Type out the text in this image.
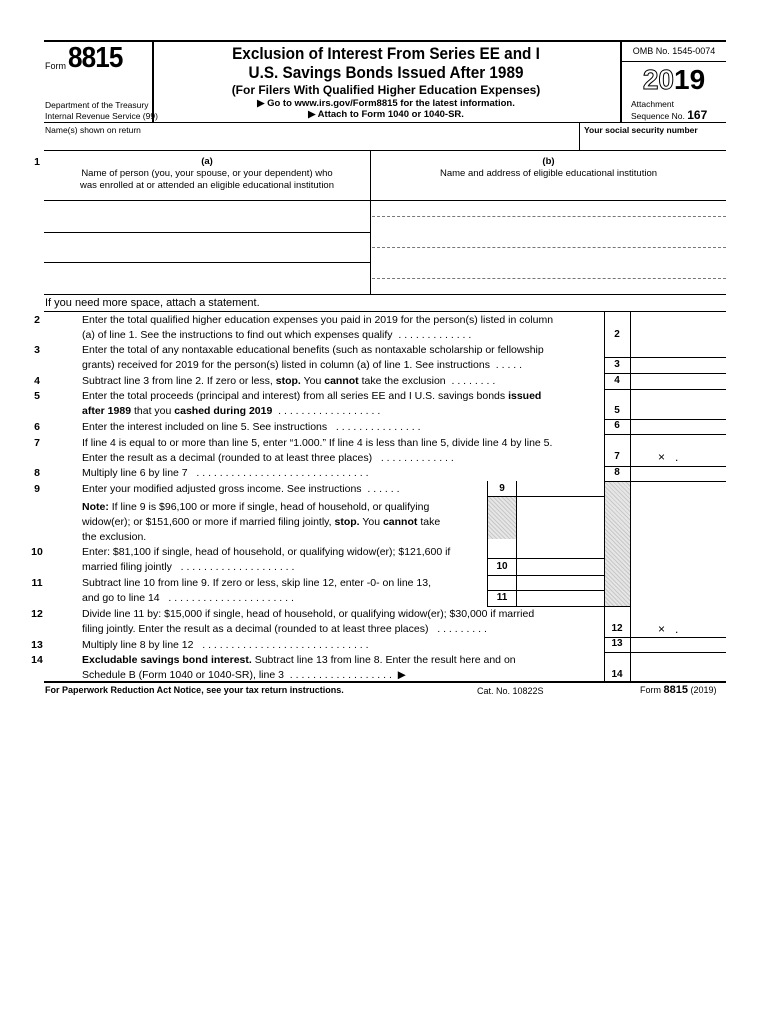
Form 8815
Department of the Treasury
Internal Revenue Service (99)
Exclusion of Interest From Series EE and I
U.S. Savings Bonds Issued After 1989
(For Filers With Qualified Higher Education Expenses)
▶ Go to www.irs.gov/Form8815 for the latest information.
▶ Attach to Form 1040 or 1040-SR.
OMB No. 1545-0074
2019
Attachment
Sequence No. 167
Name(s) shown on return	Your social security number
1	(a)
Name of person (you, your spouse, or your dependent) who
was enrolled at or attended an eligible educational institution
(b)
Name and address of eligible educational institution
If you need more space, attach a statement.
2	Enter the total qualified higher education expenses you paid in 2019 for the person(s) listed in column

(a) of line 1. See the instructions to find out which expenses qualify . . . . . . . . . . . . .	2
3	Enter the total of any nontaxable educational benefits (such as nontaxable scholarship or fellowship

grants) received for 2019 for the person(s) listed in column (a) of line 1. See instructions . . . . .	3
4	Subtract line 3 from line 2. If zero or less, stop. You cannot take the exclusion . . . . . . . .	4
5	Enter the total proceeds (principal and interest) from all series EE and I U.S. savings bonds issued

after 1989 that you cashed during 2019 . . . . . . . . . . . . . . . . . .	5
6	Enter the interest included on line 5. See instructions . . . . . . . . . . . . . . .	6
7	If line 4 is equal to or more than line 5, enter “1.000.” If line 4 is less than line 5, divide line 4 by line 5.

Enter the result as a decimal (rounded to at least three places) . . . . . . . . . . . . .	7	×   .
8	Multiply line 6 by line 7 . . . . . . . . . . . . . . . . . . . . . . . . . . . . . .	8
9	Enter your modified adjusted gross income. See instructions . . . . . .	9

Note: If line 9 is $96,100 or more if single, head of household, or qualifying

widow(er); or $151,600 or more if married filing jointly, stop. You cannot take

the exclusion.

10	Enter: $81,100 if single, head of household, or qualifying widow(er); $121,600 if

married filing jointly . . . . . . . . . . . . . . . . . . . .	10
11	Subtract line 10 from line 9. If zero or less, skip line 12, enter -0- on line 13,

and go to line 14 . . . . . . . . . . . . . . . . . . . . . .	11
12	Divide line 11 by: $15,000 if single, head of household, or qualifying widow(er); $30,000 if married

filing jointly. Enter the result as a decimal (rounded to at least three places) . . . . . . . . .	12	×   .
13	Multiply line 8 by line 12 . . . . . . . . . . . . . . . . . . . . . . . . . . . . .	13
14	Excludable savings bond interest. Subtract line 13 from line 8. Enter the result here and on

Schedule B (Form 1040 or 1040-SR), line 3 . . . . . . . . . . . . . . . . . . ▶	14
For Paperwork Reduction Act Notice, see your tax return instructions.	Cat. No. 10822S	Form 8815 (2019)
